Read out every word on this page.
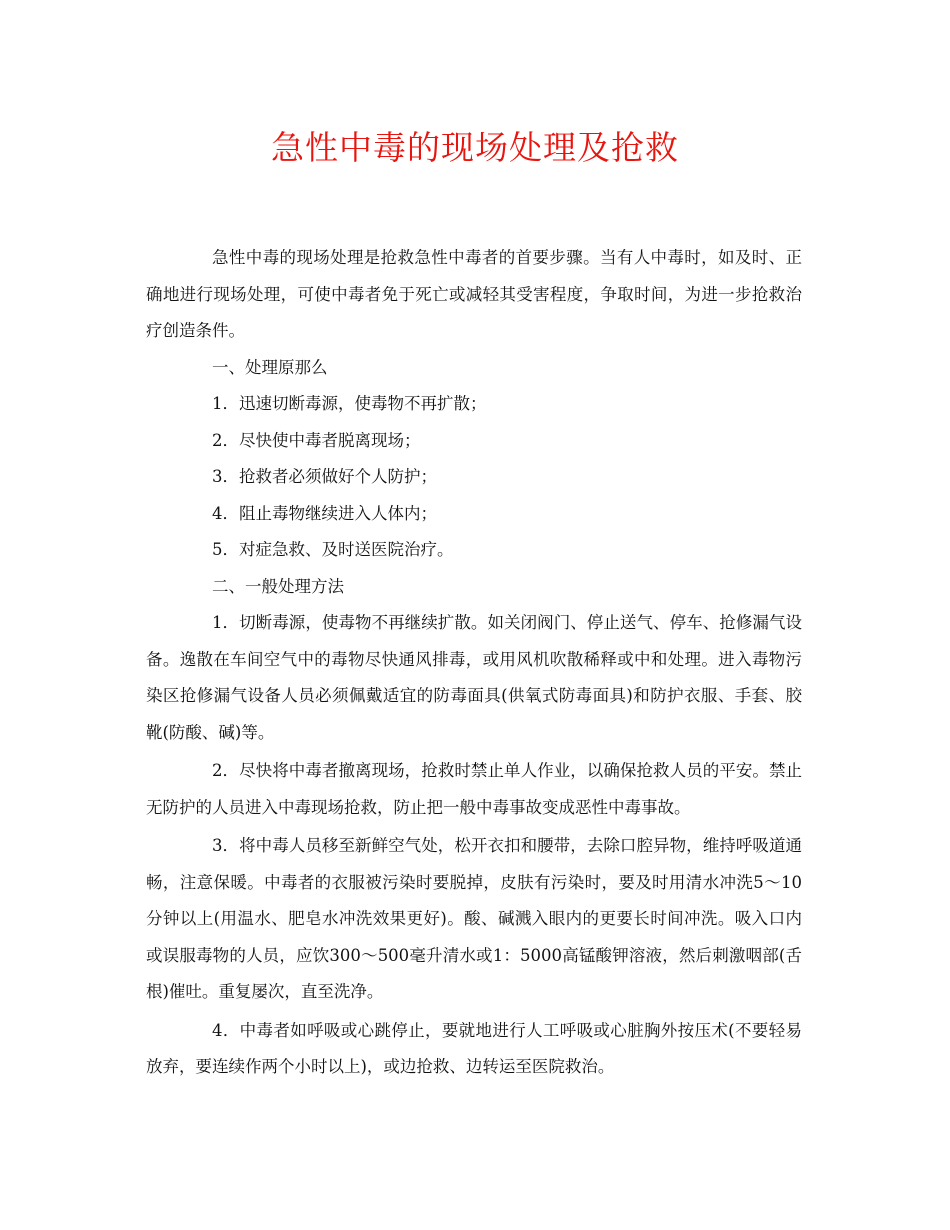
急性中毒的现场处理及抢救

急性中毒的现场处理是抢救急性中毒者的首要步骤。当有人中毒时，如及时、正确地进行现场处理，可使中毒者免于死亡或减轻其受害程度，争取时间，为进一步抢救治疗创造条件。

一、处理原那么

1．迅速切断毒源，使毒物不再扩散；

2．尽快使中毒者脱离现场；

3．抢救者必须做好个人防护；

4．阻止毒物继续进入人体内；

5．对症急救、及时送医院治疗。

二、一般处理方法

1．切断毒源，使毒物不再继续扩散。如关闭阀门、停止送气、停车、抢修漏气设备。逸散在车间空气中的毒物尽快通风排毒，或用风机吹散稀释或中和处理。进入毒物污染区抢修漏气设备人员必须佩戴适宜的防毒面具(供氧式防毒面具)和防护衣服、手套、胶靴(防酸、碱)等。

2．尽快将中毒者撤离现场，抢救时禁止单人作业，以确保抢救人员的平安。禁止无防护的人员进入中毒现场抢救，防止把一般中毒事故变成恶性中毒事故。

3．将中毒人员移至新鲜空气处，松开衣扣和腰带，去除口腔异物，维持呼吸道通畅，注意保暖。中毒者的衣服被污染时要脱掉，皮肤有污染时，要及时用清水冲洗5～10分钟以上(用温水、肥皂水冲洗效果更好)。酸、碱溅入眼内的更要长时间冲洗。吸入口内或误服毒物的人员，应饮300～500毫升清水或1：5000高锰酸钾溶液，然后刺激咽部(舌根)催吐。重复屡次，直至洗净。

4．中毒者如呼吸或心跳停止，要就地进行人工呼吸或心脏胸外按压术(不要轻易放弃，要连续作两个小时以上)，或边抢救、边转运至医院救治。
